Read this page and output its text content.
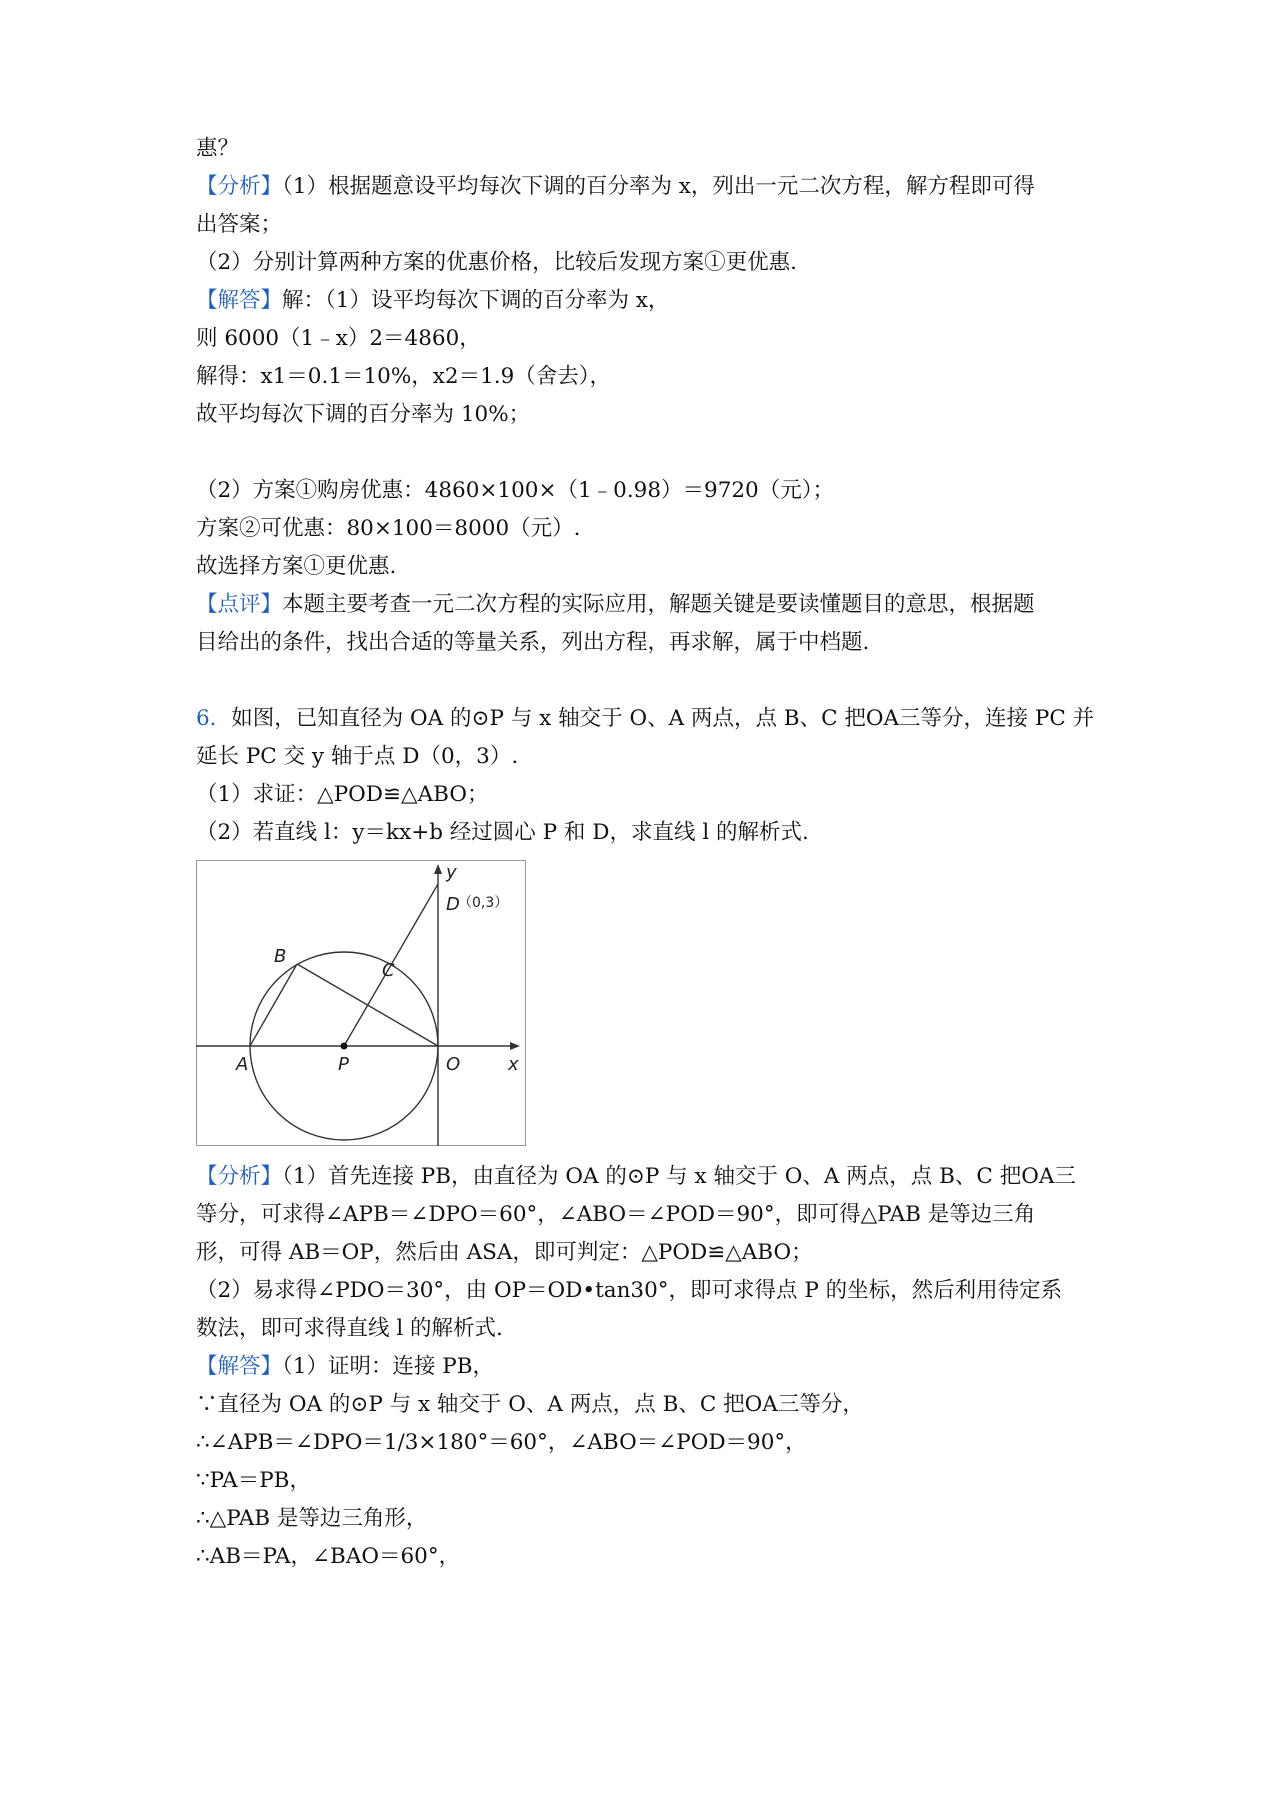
惠？
【分析】（1）根据题意设平均每次下调的百分率为 x，列出一元二次方程，解方程即可得
出答案；
（2）分别计算两种方案的优惠价格，比较后发现方案①更优惠.
【解答】解：（1）设平均每次下调的百分率为 x，
则 6000（1﹣x）2＝4860，
解得：x1＝0.1＝10%，x2＝1.9（舍去），
故平均每次下调的百分率为 10%；
（2）方案①购房优惠：4860×100×（1﹣0.98）＝9720（元）；
方案②可优惠：80×100＝8000（元）.
故选择方案①更优惠.
【点评】本题主要考查一元二次方程的实际应用，解题关键是要读懂题目的意思，根据题
目给出的条件，找出合适的等量关系，列出方程，再求解，属于中档题.
6．如图，已知直径为 OA 的⊙P 与 x 轴交于 O、A 两点，点 B、C 把OA三等分，连接 PC 并
延长 PC 交 y 轴于点 D（0，3）.
（1）求证：△POD≌△ABO；
（2）若直线 l：y＝kx+b 经过圆心 P 和 D，求直线 l 的解析式.
y
x
D
（0,3）
B
C
A	P	O
【分析】（1）首先连接 PB，由直径为 OA 的⊙P 与 x 轴交于 O、A 两点，点 B、C 把OA三
等分，可求得∠APB＝∠DPO＝60°，∠ABO＝∠POD＝90°，即可得△PAB 是等边三角
形，可得 AB＝OP，然后由 ASA，即可判定：△POD≌△ABO；
（2）易求得∠PDO＝30°，由 OP＝OD•tan30°，即可求得点 P 的坐标，然后利用待定系
数法，即可求得直线 l 的解析式.
【解答】（1）证明：连接 PB，
∵直径为 OA 的⊙P 与 x 轴交于 O、A 两点，点 B、C 把OA三等分，
∴∠APB＝∠DPO＝1/3×180°＝60°，∠ABO＝∠POD＝90°，
∵PA＝PB，
∴△PAB 是等边三角形，
∴AB＝PA，∠BAO＝60°，
